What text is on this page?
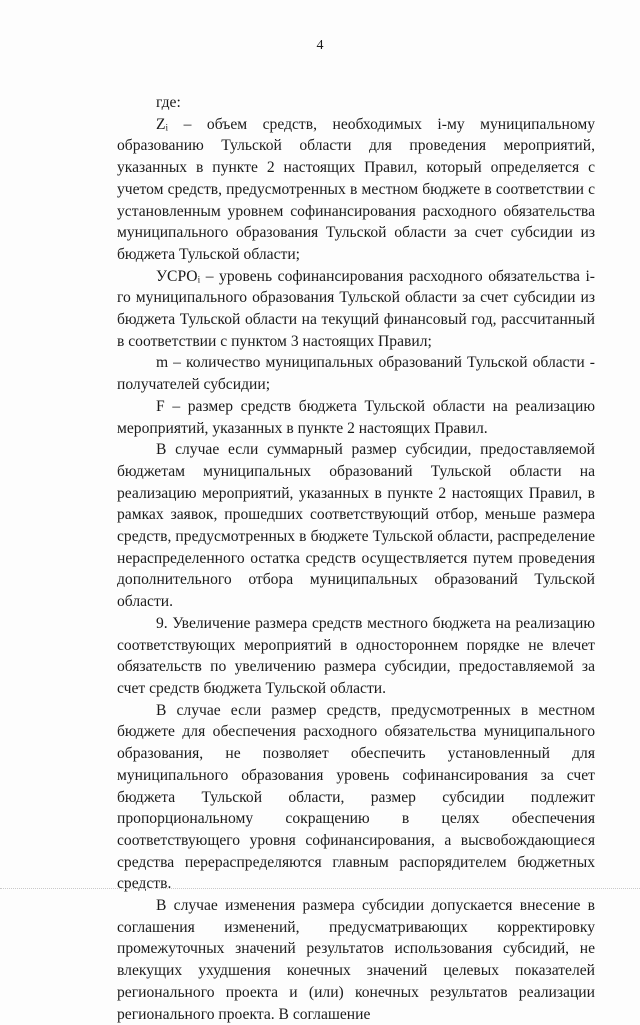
4

где:

Zᵢ – объем средств, необходимых i-му муниципальному образованию Тульской области для проведения мероприятий, указанных в пункте 2 настоящих Правил, который определяется с учетом средств, предусмотренных в местном бюджете в соответствии с установленным уровнем софинансирования расходного обязательства муниципального образования Тульской области за счет субсидии из бюджета Тульской области;

УСРОᵢ – уровень софинансирования расходного обязательства i-го муниципального образования Тульской области за счет субсидии из бюджета Тульской области на текущий финансовый год, рассчитанный в соответствии с пунктом 3 настоящих Правил;

m – количество муниципальных образований Тульской области - получателей субсидии;

F – размер средств бюджета Тульской области на реализацию мероприятий, указанных в пункте 2 настоящих Правил.

В случае если суммарный размер субсидии, предоставляемой бюджетам муниципальных образований Тульской области на реализацию мероприятий, указанных в пункте 2 настоящих Правил, в рамках заявок, прошедших соответствующий отбор, меньше размера средств, предусмотренных в бюджете Тульской области, распределение нераспределенного остатка средств осуществляется путем проведения дополнительного отбора муниципальных образований Тульской области.

9. Увеличение размера средств местного бюджета на реализацию соответствующих мероприятий в одностороннем порядке не влечет обязательств по увеличению размера субсидии, предоставляемой за счет средств бюджета Тульской области.

В случае если размер средств, предусмотренных в местном бюджете для обеспечения расходного обязательства муниципального образования, не позволяет обеспечить установленный для муниципального образования уровень софинансирования за счет бюджета Тульской области, размер субсидии подлежит пропорциональному сокращению в целях обеспечения соответствующего уровня софинансирования, а высвобождающиеся средства перераспределяются главным распорядителем бюджетных средств.

В случае изменения размера субсидии допускается внесение в соглашения изменений, предусматривающих корректировку промежуточных значений результатов использования субсидий, не влекущих ухудшения конечных значений целевых показателей регионального проекта и (или) конечных результатов реализации регионального проекта. В соглашение
